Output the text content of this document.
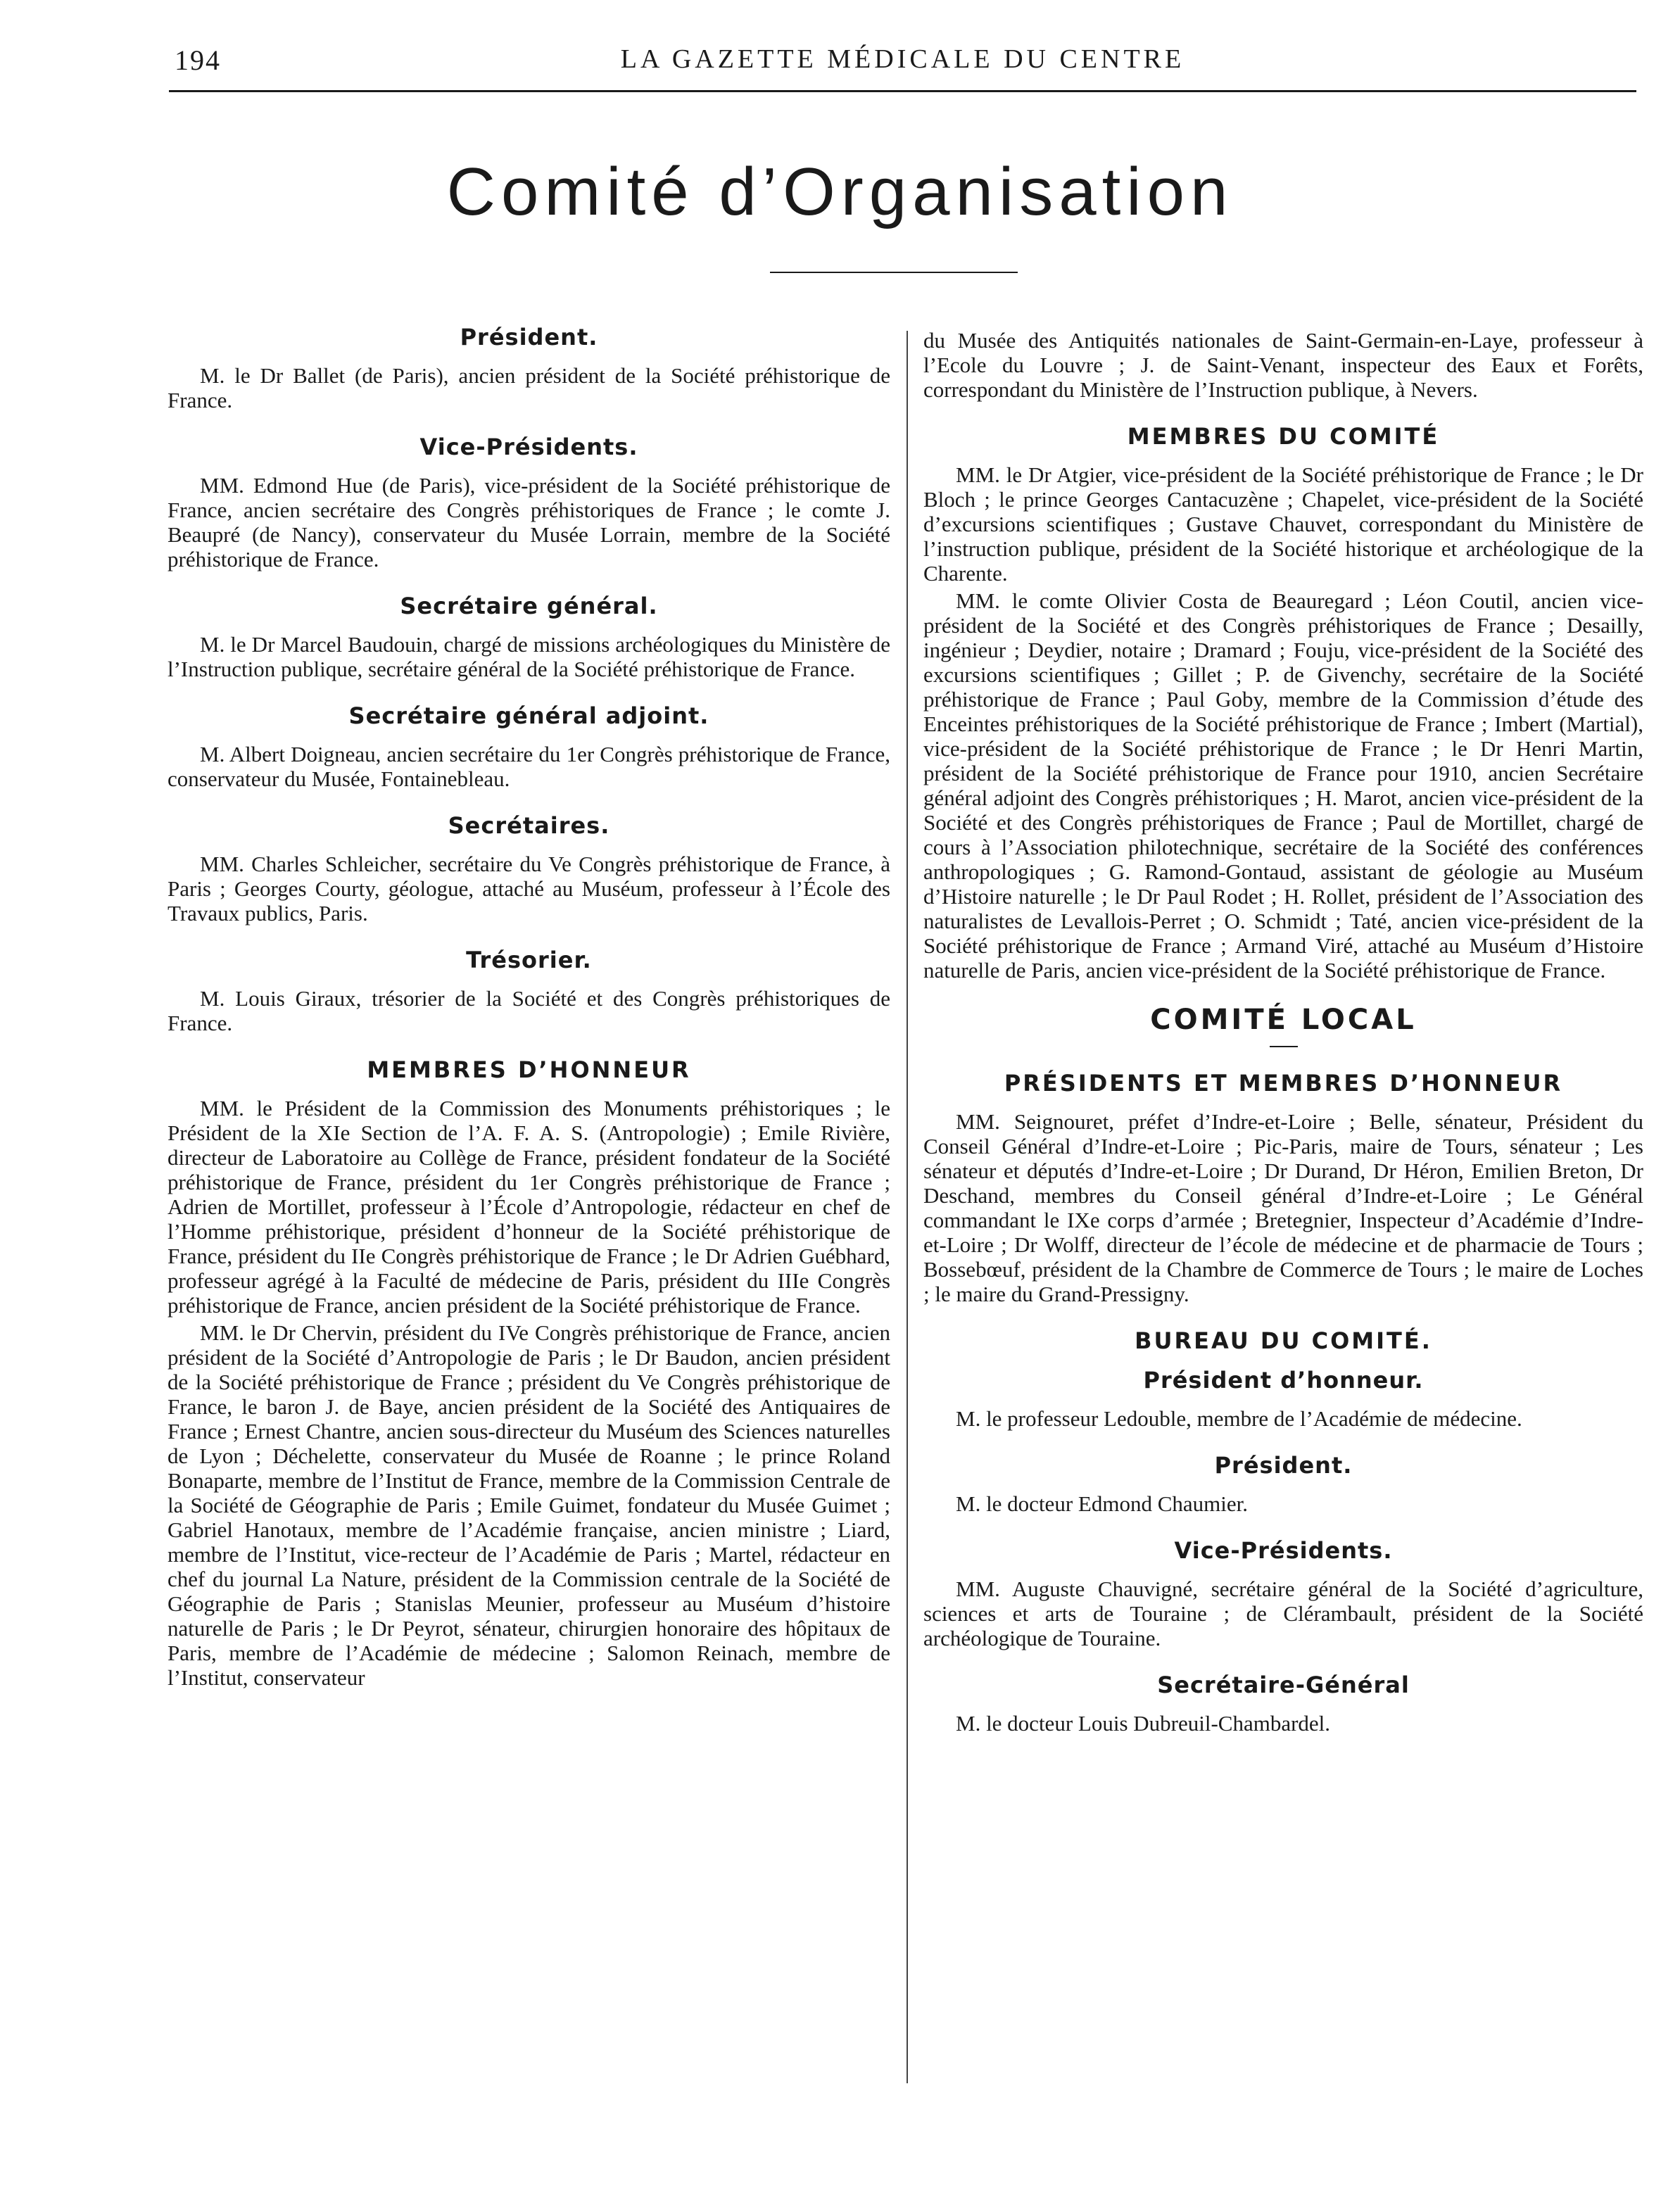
194	LA GAZETTE MÉDICALE DU CENTRE
Comité d’Organisation
Président.

M. le Dr Ballet (de Paris), ancien président de la Société préhistorique de France.

Vice-Présidents.

MM. Edmond Hue (de Paris), vice-président de la Société préhistorique de France, ancien secrétaire des Congrès préhistoriques de France ; le comte J. Beaupré (de Nancy), conservateur du Musée Lorrain, membre de la Société préhistorique de France.

Secrétaire général.

M. le Dr Marcel Baudouin, chargé de missions archéologiques du Ministère de l’Instruction publique, secrétaire général de la Société préhistorique de France.

Secrétaire général adjoint.

M. Albert Doigneau, ancien secrétaire du 1er Congrès préhistorique de France, conservateur du Musée, Fontainebleau.

Secrétaires.

MM. Charles Schleicher, secrétaire du Ve Congrès préhistorique de France, à Paris ; Georges Courty, géologue, attaché au Muséum, professeur à l’École des Travaux publics, Paris.

Trésorier.

M. Louis Giraux, trésorier de la Société et des Congrès préhistoriques de France.

MEMBRES D’HONNEUR

MM. le Président de la Commission des Monuments préhistoriques ; le Président de la XIe Section de l’A. F. A. S. (Antropologie) ; Emile Rivière, directeur de Laboratoire au Collège de France, président fondateur de la Société préhistorique de France, président du 1er Congrès préhistorique de France ; Adrien de Mortillet, professeur à l’École d’Antropologie, rédacteur en chef de l’Homme préhistorique, président d’honneur de la Société préhistorique de France, président du IIe Congrès préhistorique de France ; le Dr Adrien Guébhard, professeur agrégé à la Faculté de médecine de Paris, président du IIIe Congrès préhistorique de France, ancien président de la Société préhistorique de France.

MM. le Dr Chervin, président du IVe Congrès préhistorique de France, ancien président de la Société d’Antropologie de Paris ; le Dr Baudon, ancien président de la Société préhistorique de France ; président du Ve Congrès préhistorique de France, le baron J. de Baye, ancien président de la Société des Antiquaires de France ; Ernest Chantre, ancien sous-directeur du Muséum des Sciences naturelles de Lyon ; Déchelette, conservateur du Musée de Roanne ; le prince Roland Bonaparte, membre de l’Institut de France, membre de la Commission Centrale de la Société de Géographie de Paris ; Emile Guimet, fondateur du Musée Guimet ; Gabriel Hanotaux, membre de l’Académie française, ancien ministre ; Liard, membre de l’Institut, vice-recteur de l’Académie de Paris ; Martel, rédacteur en chef du journal La Nature, président de la Commission centrale de la Société de Géographie de Paris ; Stanislas Meunier, professeur au Muséum d’histoire naturelle de Paris ; le Dr Peyrot, sénateur, chirurgien honoraire des hôpitaux de Paris, membre de l’Académie de médecine ; Salomon Reinach, membre de l’Institut, conservateur

du Musée des Antiquités nationales de Saint-Germain-en-Laye, professeur à l’Ecole du Louvre ; J. de Saint-Venant, inspecteur des Eaux et Forêts, correspondant du Ministère de l’Instruction publique, à Nevers.

MEMBRES DU COMITÉ

MM. le Dr Atgier, vice-président de la Société préhistorique de France ; le Dr Bloch ; le prince Georges Cantacuzène ; Chapelet, vice-président de la Société d’excursions scientifiques ; Gustave Chauvet, correspondant du Ministère de l’instruction publique, président de la Société historique et archéologique de la Charente.

MM. le comte Olivier Costa de Beauregard ; Léon Coutil, ancien vice-président de la Société et des Congrès préhistoriques de France ; Desailly, ingénieur ; Deydier, notaire ; Dramard ; Fouju, vice-président de la Société des excursions scientifiques ; Gillet ; P. de Givenchy, secrétaire de la Société préhistorique de France ; Paul Goby, membre de la Commission d’étude des Enceintes préhistoriques de la Société préhistorique de France ; Imbert (Martial), vice-président de la Société préhistorique de France ; le Dr Henri Martin, président de la Société préhistorique de France pour 1910, ancien Secrétaire général adjoint des Congrès préhistoriques ; H. Marot, ancien vice-président de la Société et des Congrès préhistoriques de France ; Paul de Mortillet, chargé de cours à l’Association philotechnique, secrétaire de la Société des conférences anthropologiques ; G. Ramond-Gontaud, assistant de géologie au Muséum d’Histoire naturelle ; le Dr Paul Rodet ; H. Rollet, président de l’Association des naturalistes de Levallois-Perret ; O. Schmidt ; Taté, ancien vice-président de la Société préhistorique de France ; Armand Viré, attaché au Muséum d’Histoire naturelle de Paris, ancien vice-président de la Société préhistorique de France.

COMITÉ LOCAL
PRÉSIDENTS ET MEMBRES D’HONNEUR

MM. Seignouret, préfet d’Indre-et-Loire ; Belle, sénateur, Président du Conseil Général d’Indre-et-Loire ; Pic-Paris, maire de Tours, sénateur ; Les sénateur et députés d’Indre-et-Loire ; Dr Durand, Dr Héron, Emilien Breton, Dr Deschand, membres du Conseil général d’Indre-et-Loire ; Le Général commandant le IXe corps d’armée ; Bretegnier, Inspecteur d’Académie d’Indre-et-Loire ; Dr Wolff, directeur de l’école de médecine et de pharmacie de Tours ; Bossebœuf, président de la Chambre de Commerce de Tours ; le maire de Loches ; le maire du Grand-Pressigny.

BUREAU DU COMITÉ.
Président d’honneur.

M. le professeur Ledouble, membre de l’Académie de médecine.

Président.

M. le docteur Edmond Chaumier.

Vice-Présidents.

MM. Auguste Chauvigné, secrétaire général de la Société d’agriculture, sciences et arts de Touraine ; de Clérambault, président de la Société archéologique de Touraine.

Secrétaire-Général

M. le docteur Louis Dubreuil-Chambardel.
